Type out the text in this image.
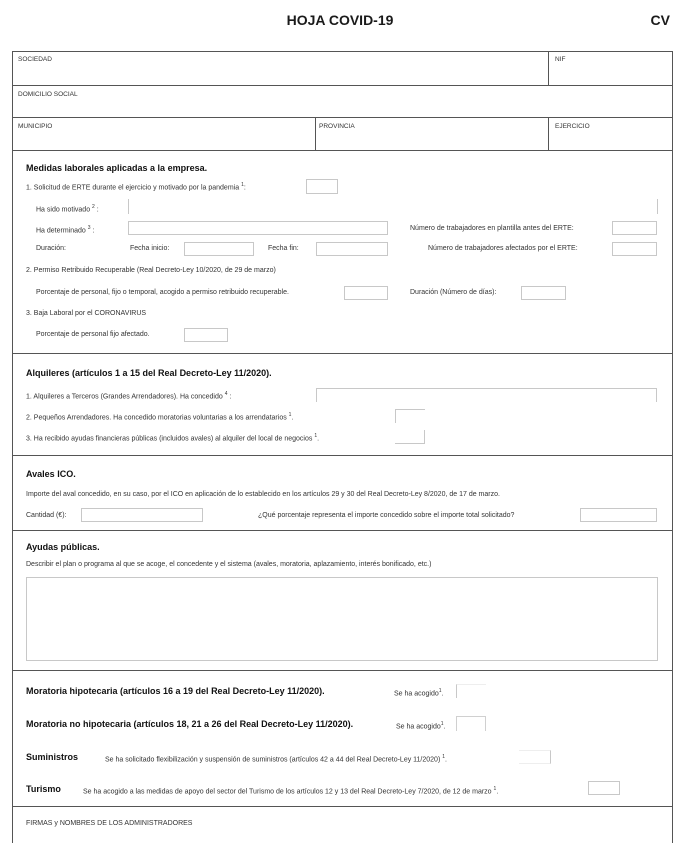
HOJA COVID-19	CV
SOCIEDAD	NIF
DOMICILIO SOCIAL
MUNICIPIO	PROVINCIA	EJERCICIO
Medidas laborales aplicadas a la empresa.
1. Solicitud de ERTE durante el ejercicio y motivado por la pandemia $^1$:
Ha sido motivado $^2$ :
Ha determinado $^3$ :	Número de trabajadores en plantilla antes del ERTE:
Duración:	Fecha inicio:	Fecha fin:	Número de trabajadores afectados por el ERTE:
2. Permiso Retribuido Recuperable (Real Decreto-Ley 10/2020, de 29 de marzo)
Porcentaje de personal, fijo o temporal, acogido a permiso retribuido recuperable.	Duración (Número de días):
3. Baja Laboral por el CORONAVIRUS
Porcentaje de personal fijo afectado.
Alquileres (artículos 1 a 15 del Real Decreto-Ley 11/2020).
1. Alquileres a Terceros (Grandes Arrendadores). Ha concedido $^4$ :
2. Pequeños Arrendadores. Ha concedido moratorias voluntarias a los arrendatarios $^1$.
3. Ha recibido ayudas financieras públicas (incluidos avales) al alquiler del local de negocios $^1$.
Avales ICO.
Importe del aval concedido, en su caso, por el ICO en aplicación de lo establecido en los artículos 29 y 30 del Real Decreto-Ley 8/2020, de 17 de marzo.
Cantidad (€):	¿Qué porcentaje representa el importe concedido sobre el importe total solicitado?
Ayudas públicas.
Describir el plan o programa al que se acoge, el concedente y el sistema (avales, moratoria, aplazamiento, interés bonificado, etc.)
Moratoria hipotecaria (artículos 16 a 19 del Real Decreto-Ley 11/2020).	Se ha acogido$^1$.
Moratoria no hipotecaria (artículos 18, 21 a 26 del Real Decreto-Ley 11/2020).	Se ha acogido$^1$.
Suministros	Se ha solicitado flexibilización y suspensión de suministros (artículos 42 a 44 del Real Decreto-Ley 11/2020) $^1$.
Turismo	Se ha acogido a las medidas de apoyo del sector del Turismo de los artículos 12 y 13 del Real Decreto-Ley 7/2020, de 12 de marzo $^1$.
FIRMAS y NOMBRES DE LOS ADMINISTRADORES
